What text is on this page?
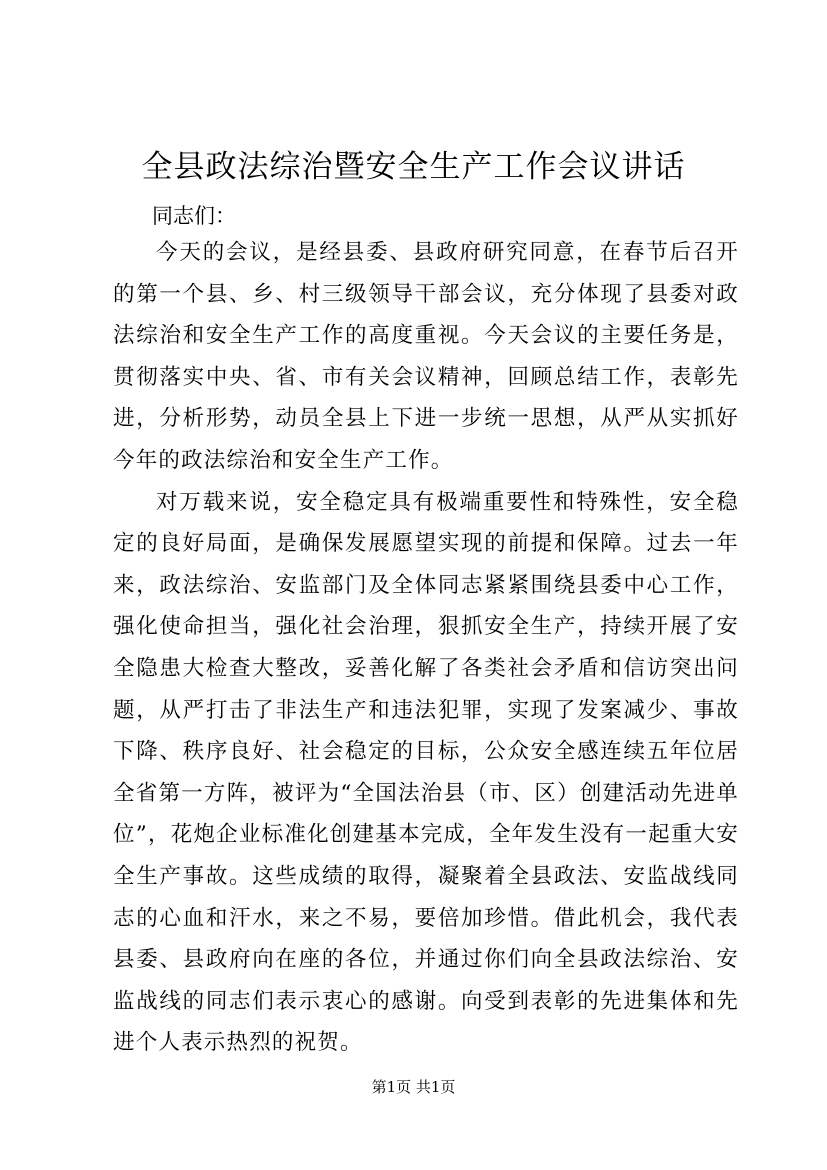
全县政法综治暨安全生产工作会议讲话

同志们：

今天的会议，是经县委、县政府研究同意，在春节后召开的第一个县、乡、村三级领导干部会议，充分体现了县委对政法综治和安全生产工作的高度重视。今天会议的主要任务是，贯彻落实中央、省、市有关会议精神，回顾总结工作，表彰先进，分析形势，动员全县上下进一步统一思想，从严从实抓好今年的政法综治和安全生产工作。

对万载来说，安全稳定具有极端重要性和特殊性，安全稳定的良好局面，是确保发展愿望实现的前提和保障。过去一年来，政法综治、安监部门及全体同志紧紧围绕县委中心工作，强化使命担当，强化社会治理，狠抓安全生产，持续开展了安全隐患大检查大整改，妥善化解了各类社会矛盾和信访突出问题，从严打击了非法生产和违法犯罪，实现了发案减少、事故下降、秩序良好、社会稳定的目标，公众安全感连续五年位居全省第一方阵，被评为“全国法治县（市、区）创建活动先进单位”，花炮企业标准化创建基本完成，全年发生没有一起重大安全生产事故。这些成绩的取得，凝聚着全县政法、安监战线同志的心血和汗水，来之不易，要倍加珍惜。借此机会，我代表县委、县政府向在座的各位，并通过你们向全县政法综治、安监战线的同志们表示衷心的感谢。向受到表彰的先进集体和先进个人表示热烈的祝贺。

第1页 共1页
